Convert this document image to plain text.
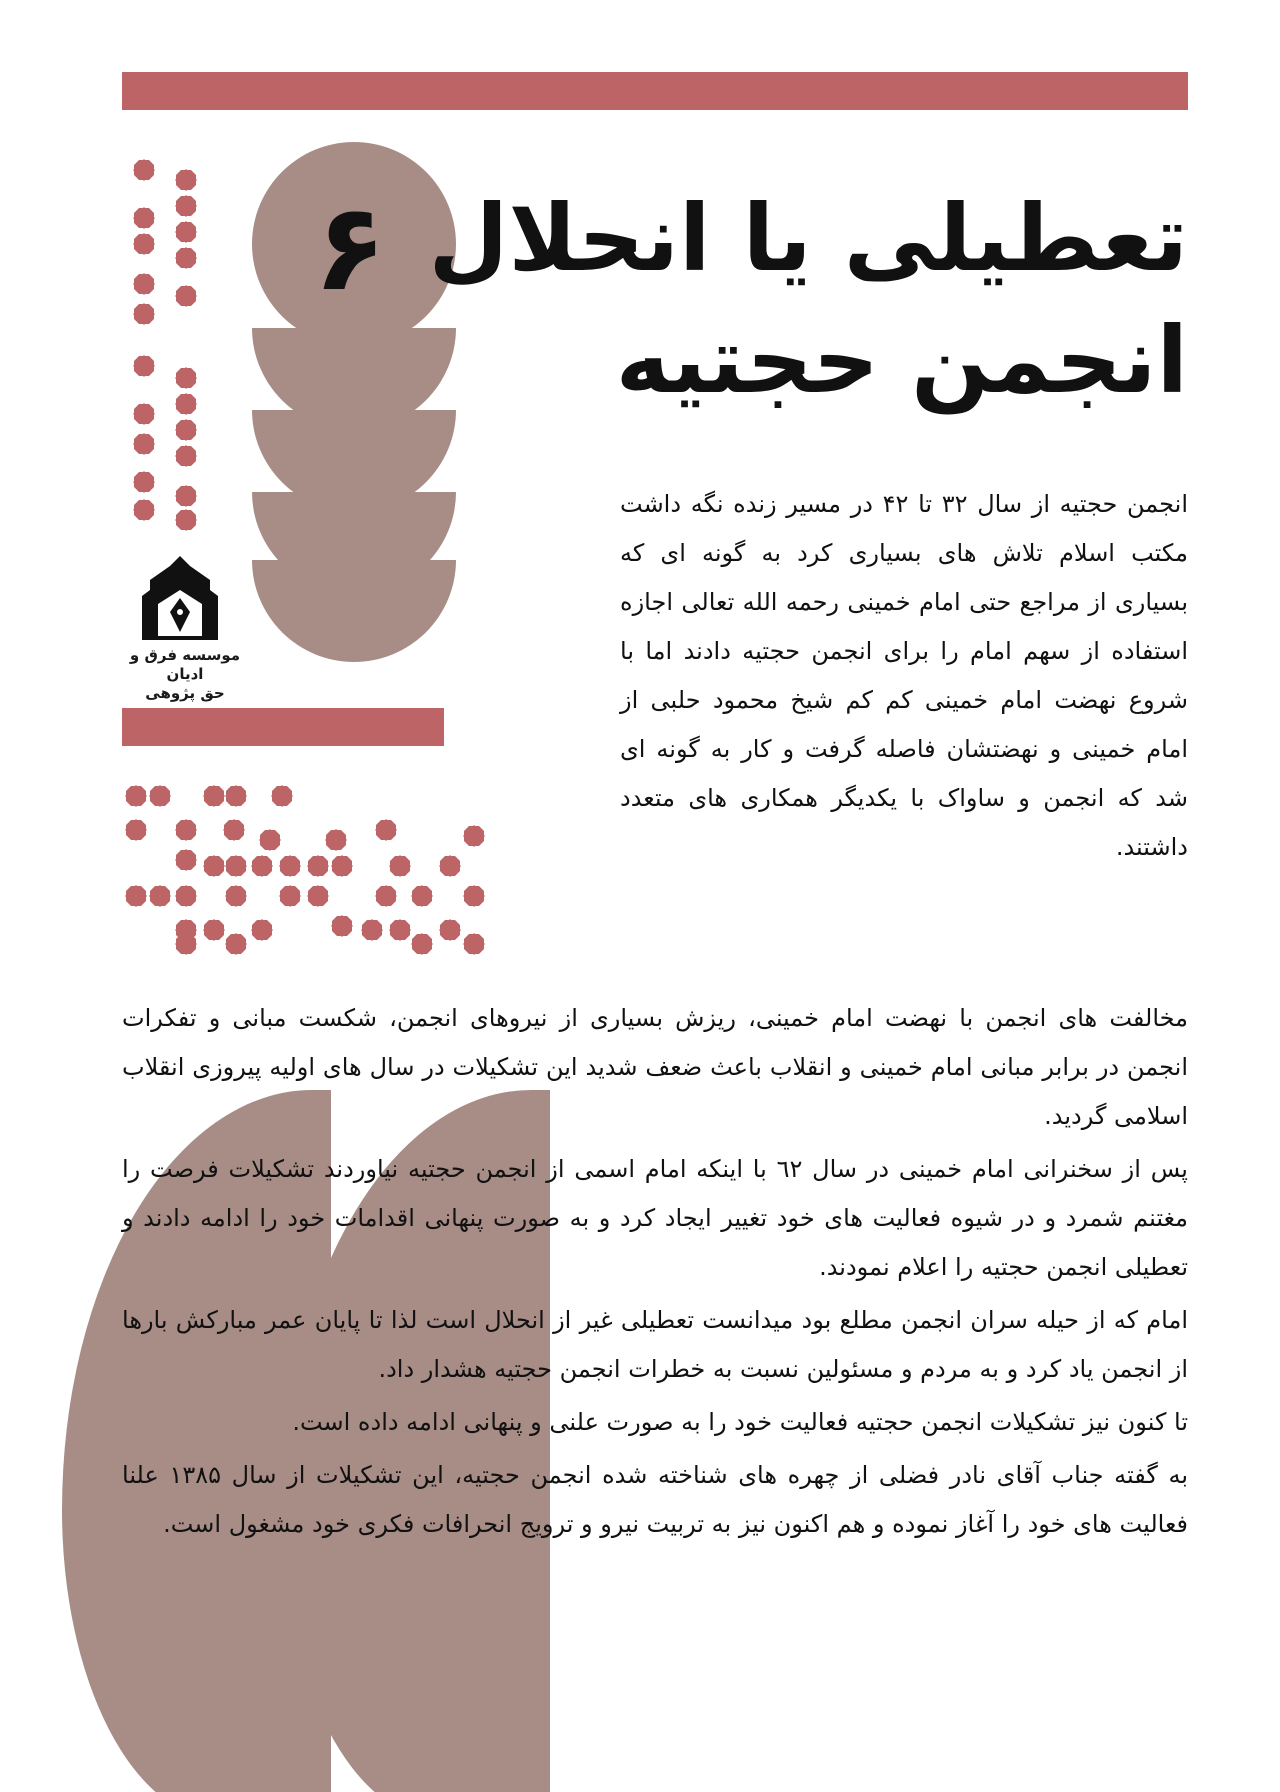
۶ تعطیلی یا انحلال
انجمن حجتیه
موسسه فرق و ادیان
حق پژوهی

انجمن حجتیه از سال ۳۲ تا ۴۲ در مسیر زنده نگه داشت مکتب اسلام تلاش های بسیاری کرد به گونه ای که بسیاری از مراجع حتی امام خمینی رحمه الله تعالی اجازه استفاده از سهم امام را برای انجمن حجتیه دادند اما با شروع نهضت امام خمینی کم کم شیخ محمود حلبی از امام خمینی و نهضتشان فاصله گرفت و کار به گونه ای شد که انجمن و ساواک با یکدیگر همکاری های متعدد داشتند.

مخالفت های انجمن با نهضت امام خمینی، ریزش بسیاری از نیروهای انجمن، شکست مبانی و تفکرات انجمن در برابر مبانی امام خمینی و انقلاب باعث ضعف شدید این تشکیلات در سال های اولیه پیروزی انقلاب اسلامی گردید.

پس از سخنرانی امام خمینی در سال ٦٢ با اینکه امام اسمی از انجمن حجتیه نیاوردند تشکیلات فرصت را مغتنم شمرد و در شیوه فعالیت های خود تغییر ایجاد کرد و به صورت پنهانی اقدامات خود را ادامه دادند و تعطیلی انجمن حجتیه را اعلام نمودند.

امام که از حیله سران انجمن مطلع بود میدانست تعطیلی غیر از انحلال است لذا تا پایان عمر مبارکش بارها از انجمن یاد کرد و به مردم و مسئولین نسبت به خطرات انجمن حجتیه هشدار داد.

تا کنون نیز تشکیلات انجمن حجتیه فعالیت خود را به صورت علنی و پنهانی ادامه داده است.

به گفته جناب آقای نادر فضلی از چهره های شناخته شده انجمن حجتیه، این تشکیلات از سال ۱۳۸۵ علنا فعالیت های خود را آغاز نموده و هم اکنون نیز به تربیت نیرو و ترویج انحرافات فکری خود مشغول است.
